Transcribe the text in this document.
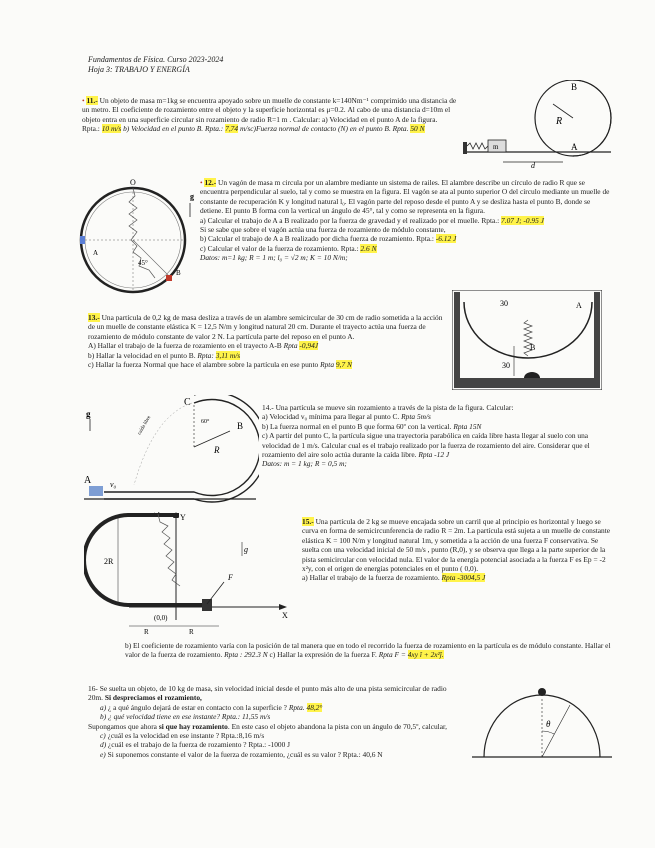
Fundamentos de Física. Curso 2023-2024
Hoja 3: TRABAJO Y ENERGÍA
• 11.- Un objeto de masa m=1kg se encuentra apoyado sobre un muelle de constante k=140Nm⁻¹ comprimido una distancia de un metro. El coeficiente de rozamiento entre el objeto y la superficie horizontal es μ=0.2. Al cabo de una distancia d=10m el objeto entra en una superficie circular sin rozamiento de radio R=1 m . Calcular: a) Velocidad en el punto A de la figura. Rpta.: 10 m/s b) Velocidad en el punto B. Rpta.: 7,74 m/sc)Fuerza normal de contacto (N) en el punto B. Rpta. 50 N
R
B
A
m
d
O
g
A
B
45°
• 12.- Un vagón de masa m circula por un alambre mediante un sistema de railes. El alambre describe un círculo de radio R que se encuentra perpendicular al suelo, tal y como se muestra en la figura. El vagón se ata al punto superior O del círculo mediante un muelle de constante de recuperación K y longitud natural l₀. El vagón parte del reposo desde el punto A y se desliza hasta el punto B, donde se detiene. El punto B forma con la vertical un ángulo de 45°, tal y como se representa en la figura.
a) Calcular el trabajo de A a B realizado por la fuerza de gravedad y el realizado por el muelle. Rpta.: 7.07 J; -0.95 J
Si se sabe que sobre el vagón actúa una fuerza de rozamiento de módulo constante,
b) Calcular el trabajo de A a B realizado por dicha fuerza de rozamiento. Rpta.: -6.12 J
c) Calcular el valor de la fuerza de rozamiento. Rpta.: 2.6 N
Datos: m=1 kg; R = 1 m; l₀ = √2 m; K = 10 N/m;
13.- Una partícula de 0,2 kg de masa desliza a través de un alambre semicircular de 30 cm de radio sometida a la acción de un muelle de constante elástica K = 12,5 N/m y longitud natural 20 cm. Durante el trayecto actúa una fuerza de rozamiento de módulo constante de valor 2 N. La partícula parte del reposo en el punto A.
A) Hallar el trabajo de la fuerza de rozamiento en el trayecto A-B Rpta -0,94J
b) Hallar la velocidad en el punto B. Rpta: 3,11 m/s
c) Hallar la fuerza Normal que hace el alambre sobre la partícula en ese punto Rpta 9,7 N
30	A
B
30
g
C
B
A
R
v₀
60°
caída libre
14.- Una partícula se mueve sin rozamiento a través de la pista de la figura. Calcular:
a) Velocidad v₀ mínima para llegar al punto C. Rpta 5m/s
b) La fuerza normal en el punto B que forma 60º con la vertical. Rpta 15N
c) A partir del punto C, la partícula sigue una trayectoria parabólica en caída libre hasta llegar al suelo con una velocidad de 1 m/s. Calcular cual es el trabajo realizado por la fuerza de rozamiento del aire. Considerar que el rozamiento del aire solo actúa durante la caída libre. Rpta -12 J
Datos: m = 1 kg; R = 0,5 m;
F
Y
X
g
2R
(0,0)
R	R
15.- Una partícula de 2 kg se mueve encajada sobre un carril que al principio es horizontal y luego se curva en forma de semicircunferencia de radio R = 2m. La partícula está sujeta a un muelle de constante elástica K = 100 N/m y longitud natural 1m, y sometida a la acción de una fuerza F conservativa. Se suelta con una velocidad inicial de 50 m/s , punto (R,0), y se observa que llega a la parte superior de la pista semicircular con velocidad nula. El valor de la energía potencial asociada a la fuerza F es Ep = -2 x²y, con el origen de energías potenciales en el punto ( 0,0).
a) Hallar el trabajo de la fuerza de rozamiento. Rpta -3004,5 J
b) El coeficiente de rozamiento varía con la posición de tal manera que en todo el recorrido la fuerza de rozamiento en la partícula es de módulo constante. Hallar el valor de la fuerza de rozamiento. Rpta : 292.3 N c) Hallar la expresión de la fuerza F. Rpta F = 4xy î + 2x²ĵ.
16- Se suelta un objeto, de 10 kg de masa, sin velocidad inicial desde el punto más alto de una pista semicircular de radio 20m. Si despreciamos el rozamiento,
a) ¿ a qué ángulo dejará de estar en contacto con la superficie ? Rpta. 48,2°
b) ¿ qué velocidad tiene en ese instante? Rpta.: 11,55 m/s
Supongamos que ahora si que hay rozamiento. En este caso el objeto abandona la pista con un ángulo de 70,5º, calcular,
c) ¿cuál es la velocidad en ese instante ? Rpta.:8,16 m/s
d) ¿cuál es el trabajo de la fuerza de rozamiento ? Rpta.: -1000 J
e) Si suponemos constante el valor de la fuerza de rozamiento, ¿cuál es su valor ? Rpta.: 40,6 N
θ
